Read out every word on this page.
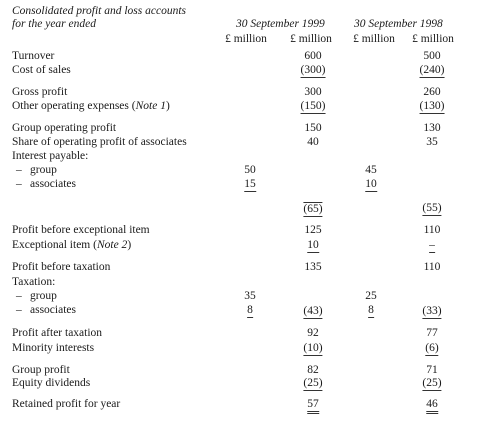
Consolidated profit and loss accounts
for the year ended	30 September 1999	30 September 1998
£ million £ million £ million £ million
Turnover	600	500
Cost of sales	(300)	(240)
Gross profit	300	260
Other operating expenses (Note 1)	(150)	(130)
Group operating profit	150	130
Share of operating profit of associates	40	35
Interest payable:
– group	50	45
– associates	15	10
(65)	(55)
Profit before exceptional item	125	110
Exceptional item (Note 2)	10	–
Profit before taxation	135	110
Taxation:
– group	35	25
– associates	8	8
(43)	(33)
Profit after taxation	92	77
Minority interests	(10)	(6)
Group profit	82	71
Equity dividends	(25)	(25)
Retained profit for year	57	46
